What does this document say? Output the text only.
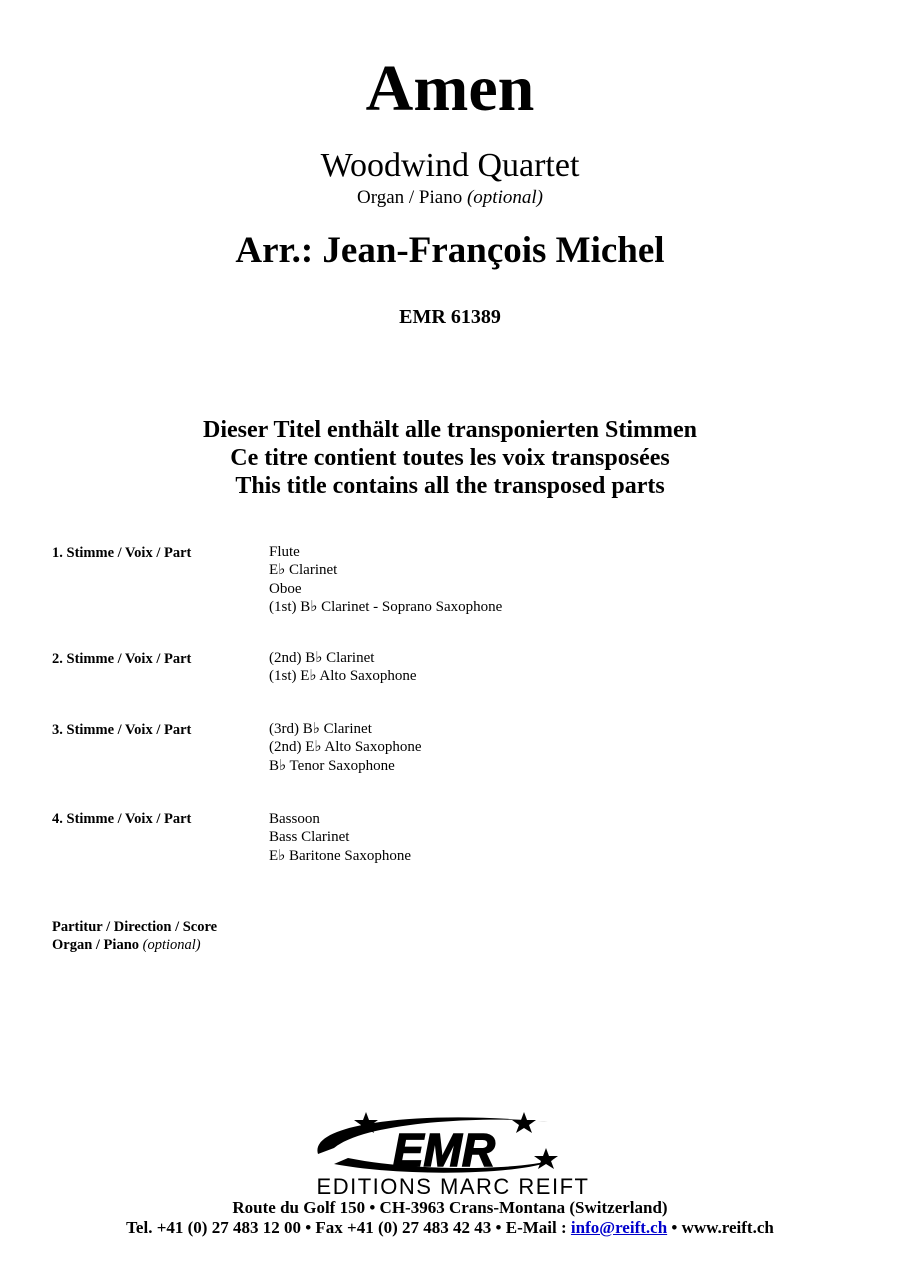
Amen
Woodwind Quartet
Organ / Piano (optional)
Arr.: Jean-François Michel
EMR 61389
Dieser Titel enthält alle transponierten Stimmen
Ce titre contient toutes les voix transposées
This title contains all the transposed parts
1. Stimme / Voix / Part	Flute
E♭ Clarinet
Oboe
(1st) B♭ Clarinet - Soprano Saxophone
2. Stimme / Voix / Part	(2nd) B♭ Clarinet
(1st) E♭ Alto Saxophone
3. Stimme / Voix / Part	(3rd) B♭ Clarinet
(2nd) E♭ Alto Saxophone
B♭ Tenor Saxophone
4. Stimme / Voix / Part	Bassoon
Bass Clarinet
E♭ Baritone Saxophone
Partitur / Direction / Score
Organ / Piano (optional)
EMR
EDITIONS MARC REIFT
Route du Golf 150 • CH-3963 Crans-Montana (Switzerland)
Tel. +41 (0) 27 483 12 00 • Fax +41 (0) 27 483 42 43 • E-Mail : info@reift.ch • www.reift.ch
